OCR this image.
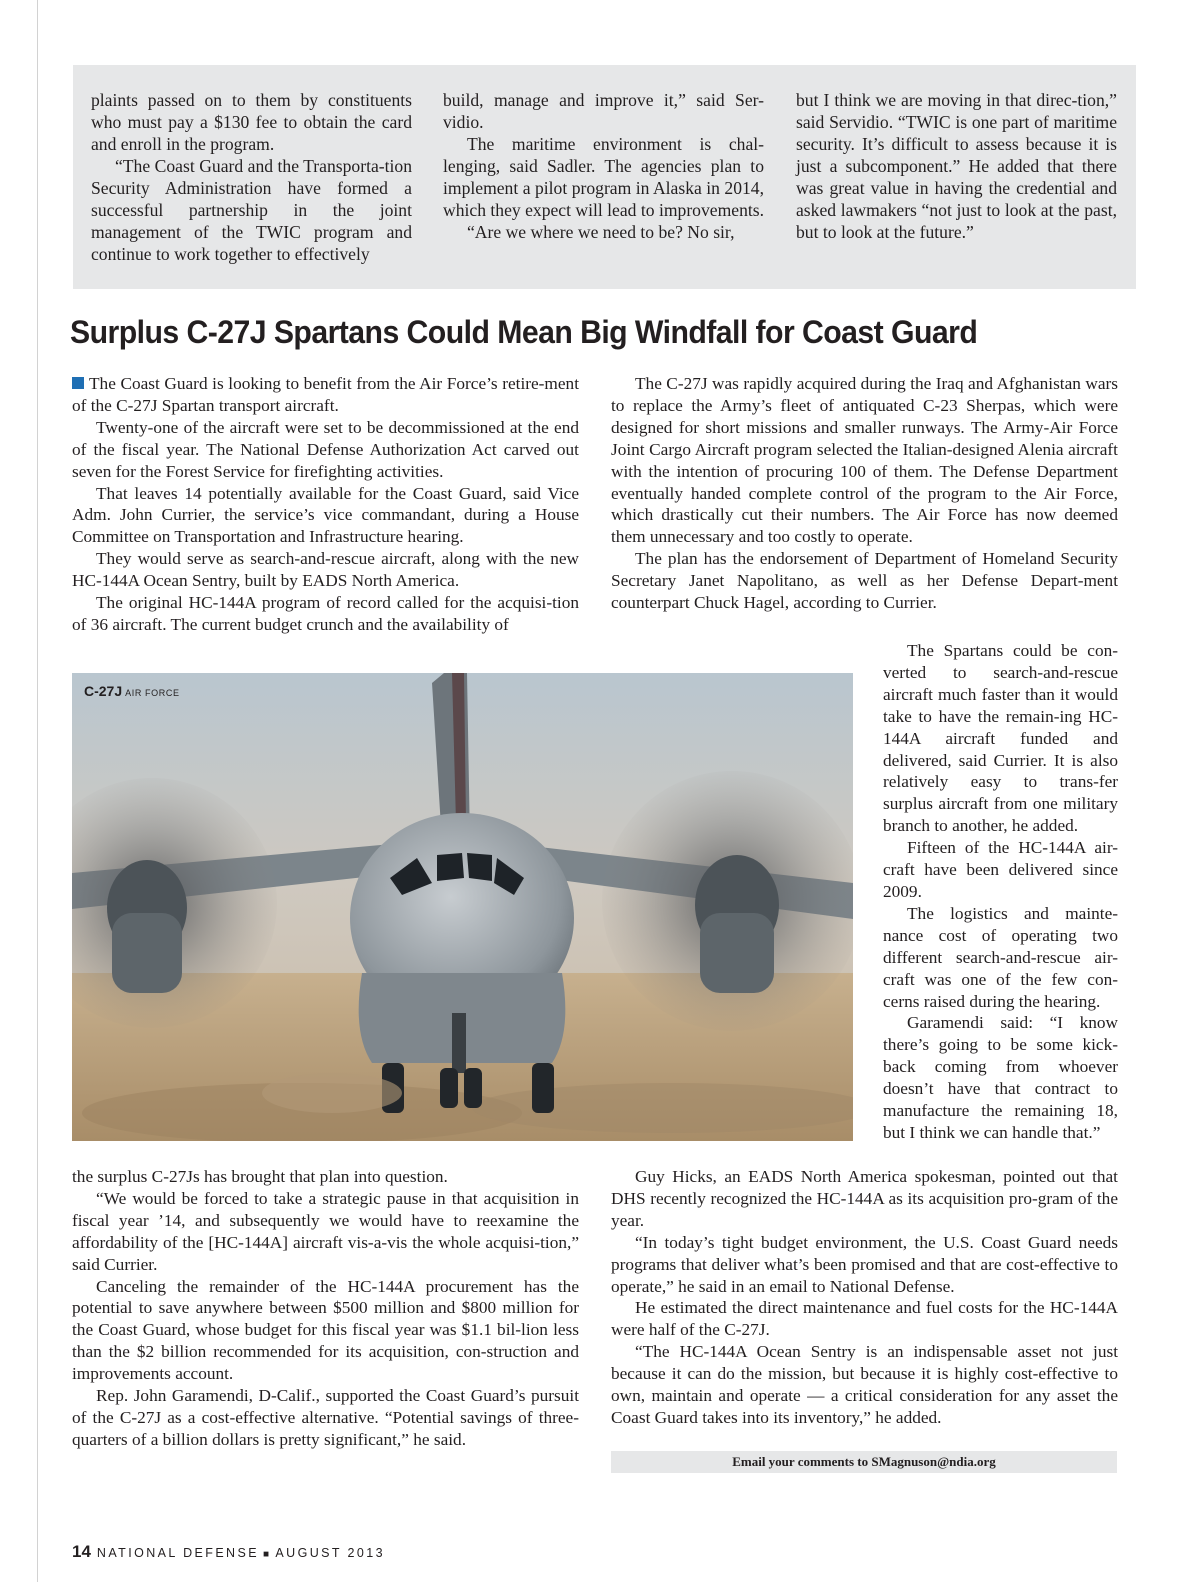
plaints passed on to them by constituents who must pay a $130 fee to obtain the card and enroll in the program.

“The Coast Guard and the Transporta-tion Security Administration have formed a successful partnership in the joint management of the TWIC program and continue to work together to effectively

build, manage and improve it,” said Ser-vidio.

The maritime environment is chal-lenging, said Sadler. The agencies plan to implement a pilot program in Alaska in 2014, which they expect will lead to improvements.

“Are we where we need to be? No sir,

but I think we are moving in that direc-tion,” said Servidio. “TWIC is one part of maritime security. It’s difficult to assess because it is just a subcomponent.” He added that there was great value in having the credential and asked lawmakers “not just to look at the past, but to look at the future.”

Surplus C-27J Spartans Could Mean Big Windfall for Coast Guard

The Coast Guard is looking to benefit from the Air Force’s retire-ment of the C-27J Spartan transport aircraft.

Twenty-one of the aircraft were set to be decommissioned at the end of the fiscal year. The National Defense Authorization Act carved out seven for the Forest Service for firefighting activities.

That leaves 14 potentially available for the Coast Guard, said Vice Adm. John Currier, the service’s vice commandant, during a House Committee on Transportation and Infrastructure hearing.

They would serve as search-and-rescue aircraft, along with the new HC-144A Ocean Sentry, built by EADS North America.

The original HC-144A program of record called for the acquisi-tion of 36 aircraft. The current budget crunch and the availability of

The C-27J was rapidly acquired during the Iraq and Afghanistan wars to replace the Army’s fleet of antiquated C-23 Sherpas, which were designed for short missions and smaller runways. The Army-Air Force Joint Cargo Aircraft program selected the Italian-designed Alenia aircraft with the intention of procuring 100 of them. The Defense Department eventually handed complete control of the program to the Air Force, which drastically cut their numbers. The Air Force has now deemed them unnecessary and too costly to operate.

The plan has the endorsement of Department of Homeland Security Secretary Janet Napolitano, as well as her Defense Depart-ment counterpart Chuck Hagel, according to Currier.

The Spartans could be con-verted to search-and-rescue aircraft much faster than it would take to have the remain-ing HC-144A aircraft funded and delivered, said Currier. It is also relatively easy to trans-fer surplus aircraft from one military branch to another, he added.

Fifteen of the HC-144A air-craft have been delivered since 2009.

The logistics and mainte-nance cost of operating two different search-and-rescue air-craft was one of the few con-cerns raised during the hearing.

Garamendi said: “I know there’s going to be some kick-back coming from whoever doesn’t have that contract to manufacture the remaining 18, but I think we can handle that.”

C-27J AIR FORCE

the surplus C-27Js has brought that plan into question.

“We would be forced to take a strategic pause in that acquisition in fiscal year ’14, and subsequently we would have to reexamine the affordability of the [HC-144A] aircraft vis-a-vis the whole acquisi-tion,” said Currier.

Canceling the remainder of the HC-144A procurement has the potential to save anywhere between $500 million and $800 million for the Coast Guard, whose budget for this fiscal year was $1.1 bil-lion less than the $2 billion recommended for its acquisition, con-struction and improvements account.

Rep. John Garamendi, D-Calif., supported the Coast Guard’s pursuit of the C-27J as a cost-effective alternative. “Potential savings of three-quarters of a billion dollars is pretty significant,” he said.

Guy Hicks, an EADS North America spokesman, pointed out that DHS recently recognized the HC-144A as its acquisition pro-gram of the year.

“In today’s tight budget environment, the U.S. Coast Guard needs programs that deliver what’s been promised and that are cost-effective to operate,” he said in an email to National Defense.

He estimated the direct maintenance and fuel costs for the HC-144A were half of the C-27J.

“The HC-144A Ocean Sentry is an indispensable asset not just because it can do the mission, but because it is highly cost-effective to own, maintain and operate — a critical consideration for any asset the Coast Guard takes into its inventory,” he added.

Email your comments to SMagnuson@ndia.org
14 NATIONAL DEFENSE ■ AUGUST 2013
